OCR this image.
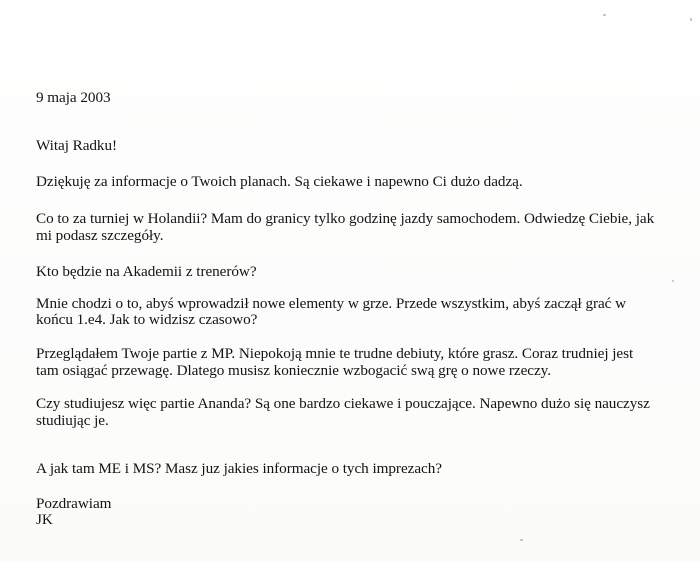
9 maja 2003
Witaj Radku!
Dziękuję za informacje o Twoich planach. Są ciekawe i napewno Ci dużo dadzą.
Co to za turniej w Holandii? Mam do granicy tylko godzinę jazdy samochodem. Odwiedzę Ciebie, jak
mi podasz szczegóły.
Kto będzie na Akademii z trenerów?
Mnie chodzi o to, abyś wprowadził nowe elementy w grze. Przede wszystkim, abyś zaczął grać w
końcu 1.e4. Jak to widzisz czasowo?
Przeglądałem Twoje partie z MP. Niepokoją mnie te trudne debiuty, które grasz. Coraz trudniej jest
tam osiągać przewagę. Dlatego musisz koniecznie wzbogacić swą grę o nowe rzeczy.
Czy studiujesz więc partie Ananda? Są one bardzo ciekawe i pouczające. Napewno dużo się nauczysz
studiując je.
A jak tam ME i MS? Masz juz jakies informacje o tych imprezach?
Pozdrawiam
JK
